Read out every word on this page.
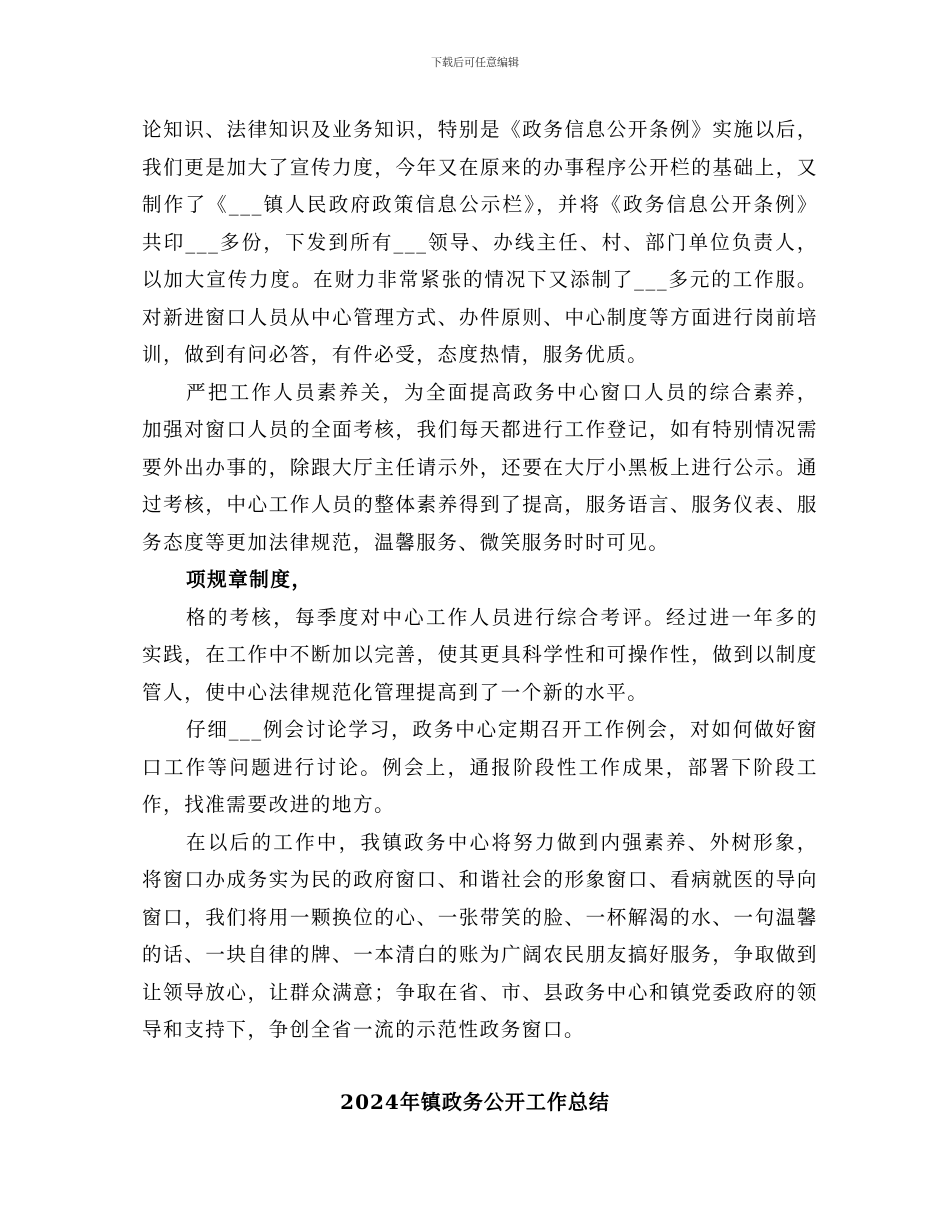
下载后可任意编辑

论知识、法律知识及业务知识，特别是《政务信息公开条例》实施以后，我们更是加大了宣传力度，今年又在原来的办事程序公开栏的基础上，又制作了《___镇人民政府政策信息公示栏》，并将《政务信息公开条例》共印___多份，下发到所有___领导、办线主任、村、部门单位负责人，以加大宣传力度。在财力非常紧张的情况下又添制了___多元的工作服。对新进窗口人员从中心管理方式、办件原则、中心制度等方面进行岗前培训，做到有问必答，有件必受，态度热情，服务优质。

严把工作人员素养关，为全面提高政务中心窗口人员的综合素养，加强对窗口人员的全面考核，我们每天都进行工作登记，如有特别情况需要外出办事的，除跟大厅主任请示外，还要在大厅小黑板上进行公示。通过考核，中心工作人员的整体素养得到了提高，服务语言、服务仪表、服务态度等更加法律规范，温馨服务、微笑服务时时可见。

项规章制度，

格的考核，每季度对中心工作人员进行综合考评。经过进一年多的实践，在工作中不断加以完善，使其更具科学性和可操作性，做到以制度管人，使中心法律规范化管理提高到了一个新的水平。

仔细___例会讨论学习，政务中心定期召开工作例会，对如何做好窗口工作等问题进行讨论。例会上，通报阶段性工作成果，部署下阶段工作，找准需要改进的地方。

在以后的工作中，我镇政务中心将努力做到内强素养、外树形象，将窗口办成务实为民的政府窗口、和谐社会的形象窗口、看病就医的导向窗口，我们将用一颗换位的心、一张带笑的脸、一杯解渴的水、一句温馨的话、一块自律的牌、一本清白的账为广阔农民朋友搞好服务，争取做到让领导放心，让群众满意；争取在省、市、县政务中心和镇党委政府的领导和支持下，争创全省一流的示范性政务窗口。

2024年镇政务公开工作总结
